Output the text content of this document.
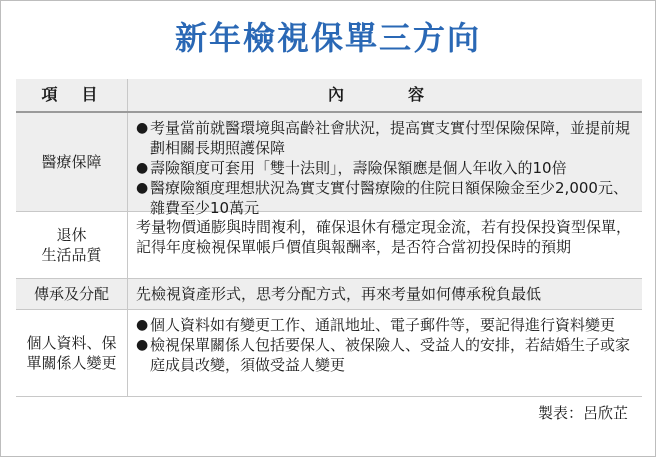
新年檢視保單三方向
項　目	內　　　容
醫療保障
● 考量當前就醫環境與高齡社會狀況，提高實支實付型保險保障，並提前規劃相關長期照護保障
● 壽險額度可套用「雙十法則」，壽險保額應是個人年收入的10倍
● 醫療險額度理想狀況為實支實付醫療險的住院日額保險金至少2,000元、雜費至少10萬元
退休
生活品質
考量物價通膨與時間複利，確保退休有穩定現金流，若有投保投資型保單，記得年度檢視保單帳戶價值與報酬率，是否符合當初投保時的預期
傳承及分配	先檢視資產形式，思考分配方式，再來考量如何傳承稅負最低
個人資料、保單關係人變更
● 個人資料如有變更工作、通訊地址、電子郵件等，要記得進行資料變更
● 檢視保單關係人包括要保人、被保險人、受益人的安排，若結婚生子或家庭成員改變，須做受益人變更
製表：呂欣芷
